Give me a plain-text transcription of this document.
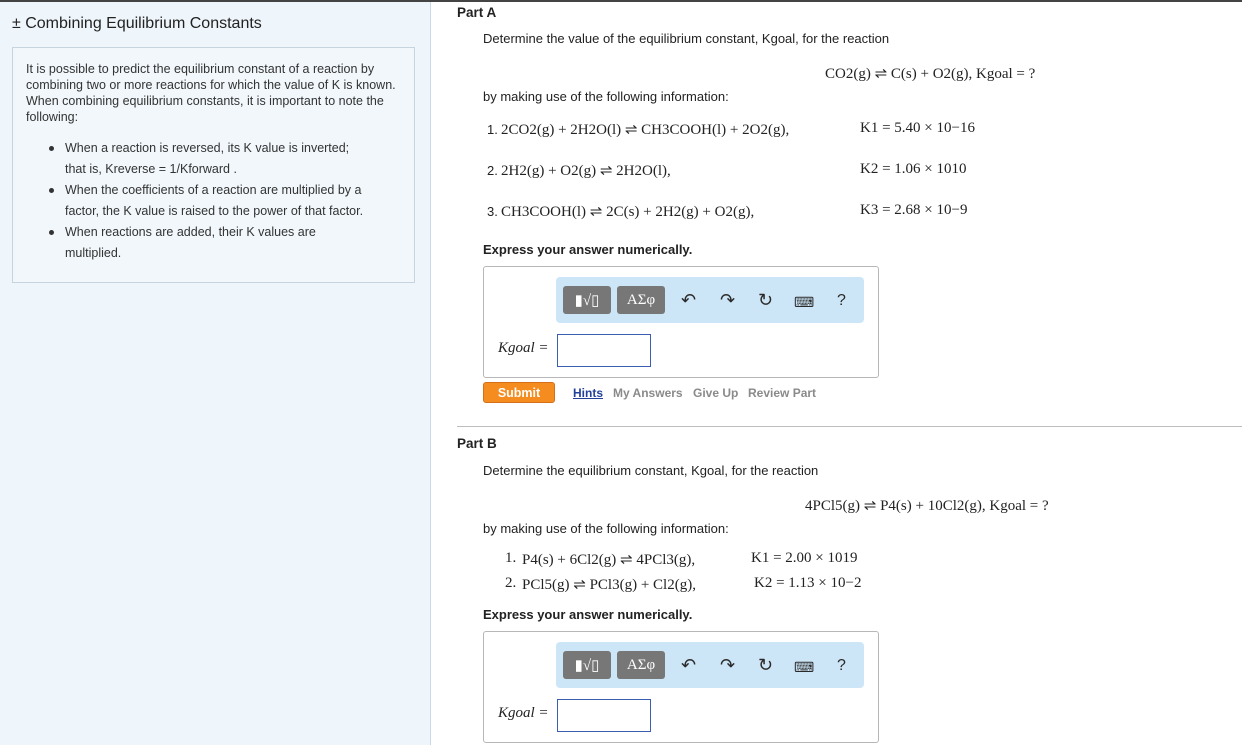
± Combining Equilibrium Constants
It is possible to predict the equilibrium constant of a reaction by combining two or more reactions for which the value of K is known. When combining equilibrium constants, it is important to note the following:
When a reaction is reversed, its K value is inverted; that is, Kreverse = 1/Kforward .
When the coefficients of a reaction are multiplied by a factor, the K value is raised to the power of that factor.
When reactions are added, their K values are multiplied.
Part A
Determine the value of the equilibrium constant, Kgoal, for the reaction
CO2(g) ⇌ C(s) + O2(g), Kgoal = ?
by making use of the following information:
1. 2CO2(g) + 2H2O(l) ⇌ CH3COOH(l) + 2O2(g),	K1 = 5.40 × 10−16
2. 2H2(g) + O2(g) ⇌ 2H2O(l),	K2 = 1.06 × 1010
3. CH3COOH(l) ⇌ 2C(s) + 2H2(g) + O2(g),	K3 = 2.68 × 10−9
Express your answer numerically.
▮√▯	ΑΣφ	↶ ↷ ↻ ⌨ ?
Kgoal =
Submit	Hints My Answers Give Up Review Part
Part B
Determine the equilibrium constant, Kgoal, for the reaction
4PCl5(g) ⇌ P4(s) + 10Cl2(g), Kgoal = ?
by making use of the following information:
1. P4(s) + 6Cl2(g) ⇌ 4PCl3(g),	K1 = 2.00 × 1019
2. PCl5(g) ⇌ PCl3(g) + Cl2(g),	K2 = 1.13 × 10−2
Express your answer numerically.
▮√▯	ΑΣφ	↶ ↷ ↻ ⌨ ?
Kgoal =
